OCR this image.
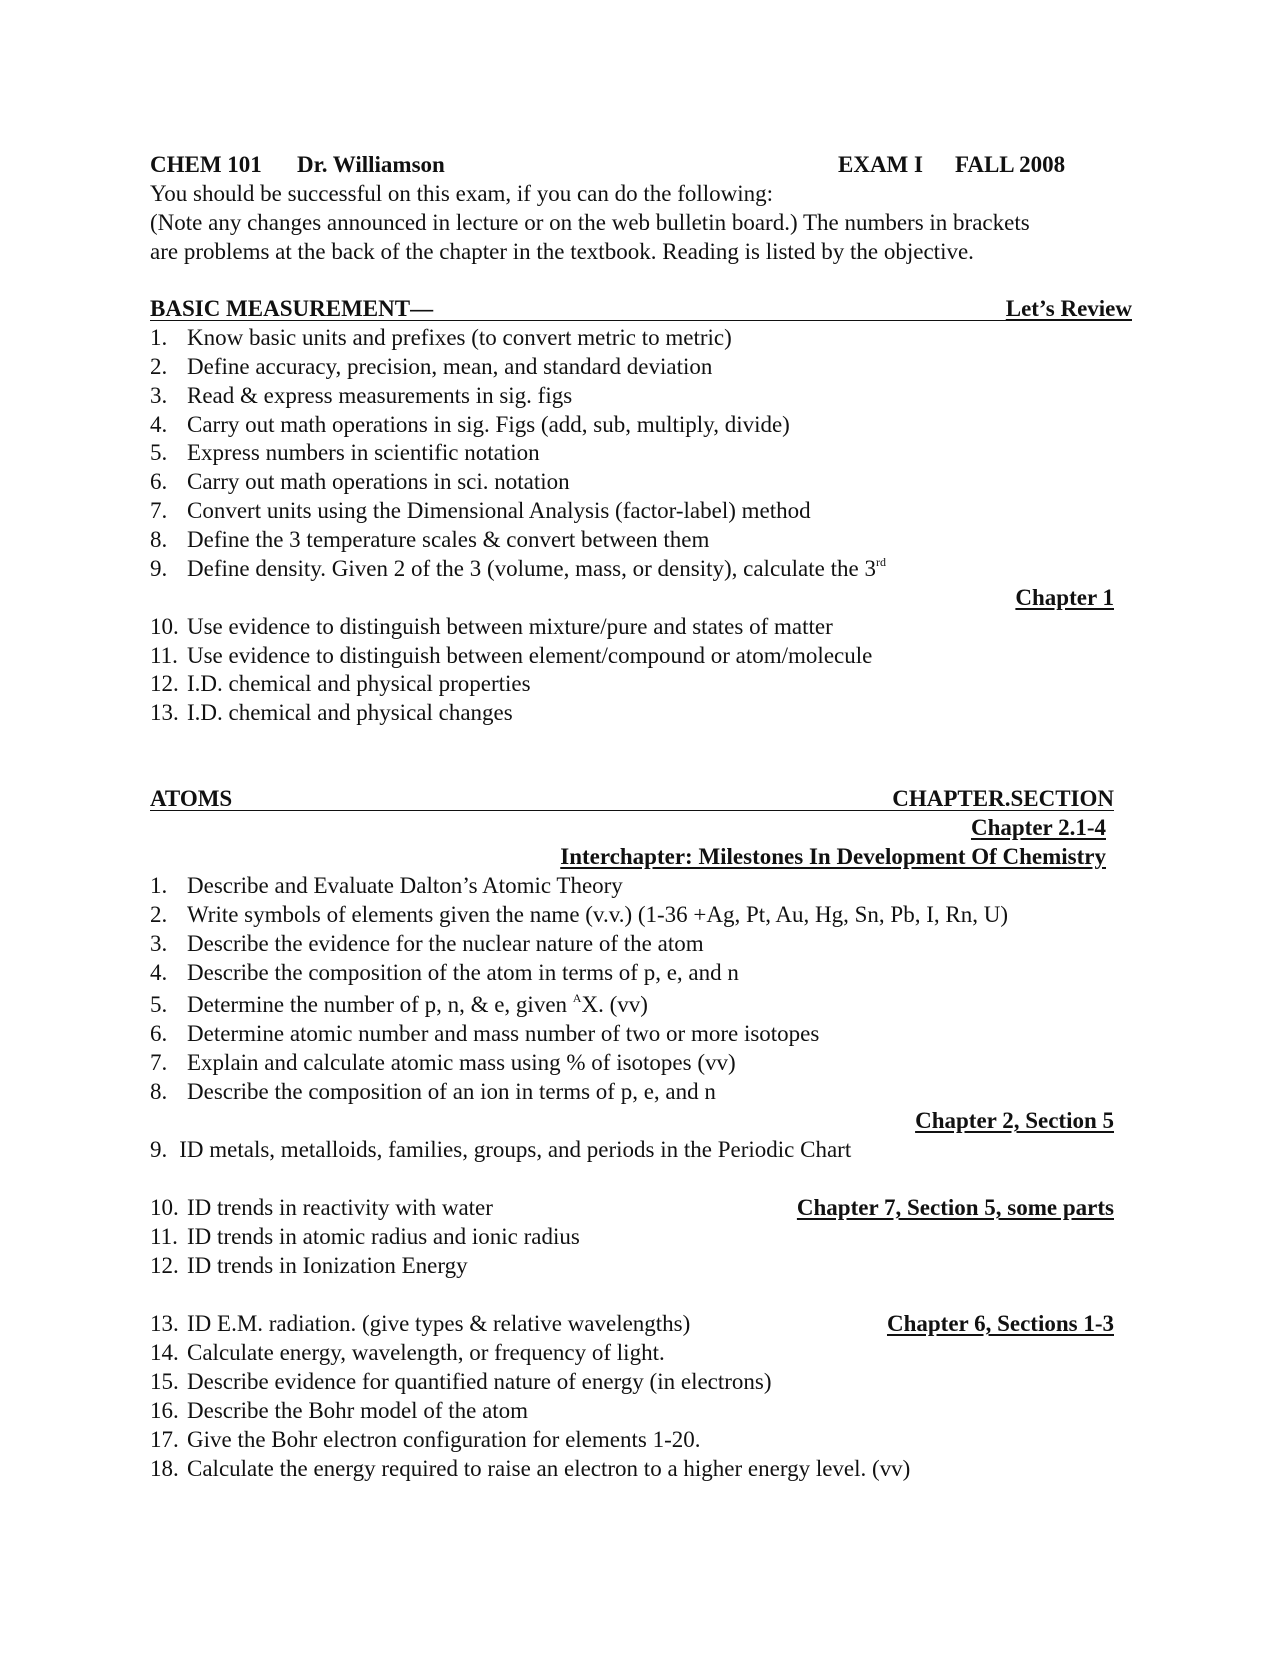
CHEM 101 Dr. Williamson	EXAM I FALL 2008
You should be successful on this exam, if you can do the following:
(Note any changes announced in lecture or on the web bulletin board.) The numbers in brackets
are problems at the back of the chapter in the textbook. Reading is listed by the objective.
BASIC MEASUREMENT—	Let’s Review
1. Know basic units and prefixes (to convert metric to metric)
2. Define accuracy, precision, mean, and standard deviation
3. Read & express measurements in sig. figs
4. Carry out math operations in sig. Figs (add, sub, multiply, divide)
5. Express numbers in scientific notation
6. Carry out math operations in sci. notation
7. Convert units using the Dimensional Analysis (factor-label) method
8. Define the 3 temperature scales & convert between them
9. Define density. Given 2 of the 3 (volume, mass, or density), calculate the 3rd
Chapter 1
10. Use evidence to distinguish between mixture/pure and states of matter
11. Use evidence to distinguish between element/compound or atom/molecule
12. I.D. chemical and physical properties
13. I.D. chemical and physical changes
ATOMS	CHAPTER.SECTION
Chapter 2.1-4
Interchapter: Milestones In Development Of Chemistry
1. Describe and Evaluate Dalton’s Atomic Theory
2. Write symbols of elements given the name (v.v.) (1-36 +Ag, Pt, Au, Hg, Sn, Pb, I, Rn, U)
3. Describe the evidence for the nuclear nature of the atom
4. Describe the composition of the atom in terms of p, e, and n
5. Determine the number of p, n, & e, given $^A$X. (vv)
6. Determine atomic number and mass number of two or more isotopes
7. Explain and calculate atomic mass using % of isotopes (vv)
8. Describe the composition of an ion in terms of p, e, and n
Chapter 2, Section 5
9. ID metals, metalloids, families, groups, and periods in the Periodic Chart
10. ID trends in reactivity with water	Chapter 7, Section 5, some parts
11. ID trends in atomic radius and ionic radius
12. ID trends in Ionization Energy
13. ID E.M. radiation. (give types & relative wavelengths)	Chapter 6, Sections 1-3
14. Calculate energy, wavelength, or frequency of light.
15. Describe evidence for quantified nature of energy (in electrons)
16. Describe the Bohr model of the atom
17. Give the Bohr electron configuration for elements 1-20.
18. Calculate the energy required to raise an electron to a higher energy level. (vv)
